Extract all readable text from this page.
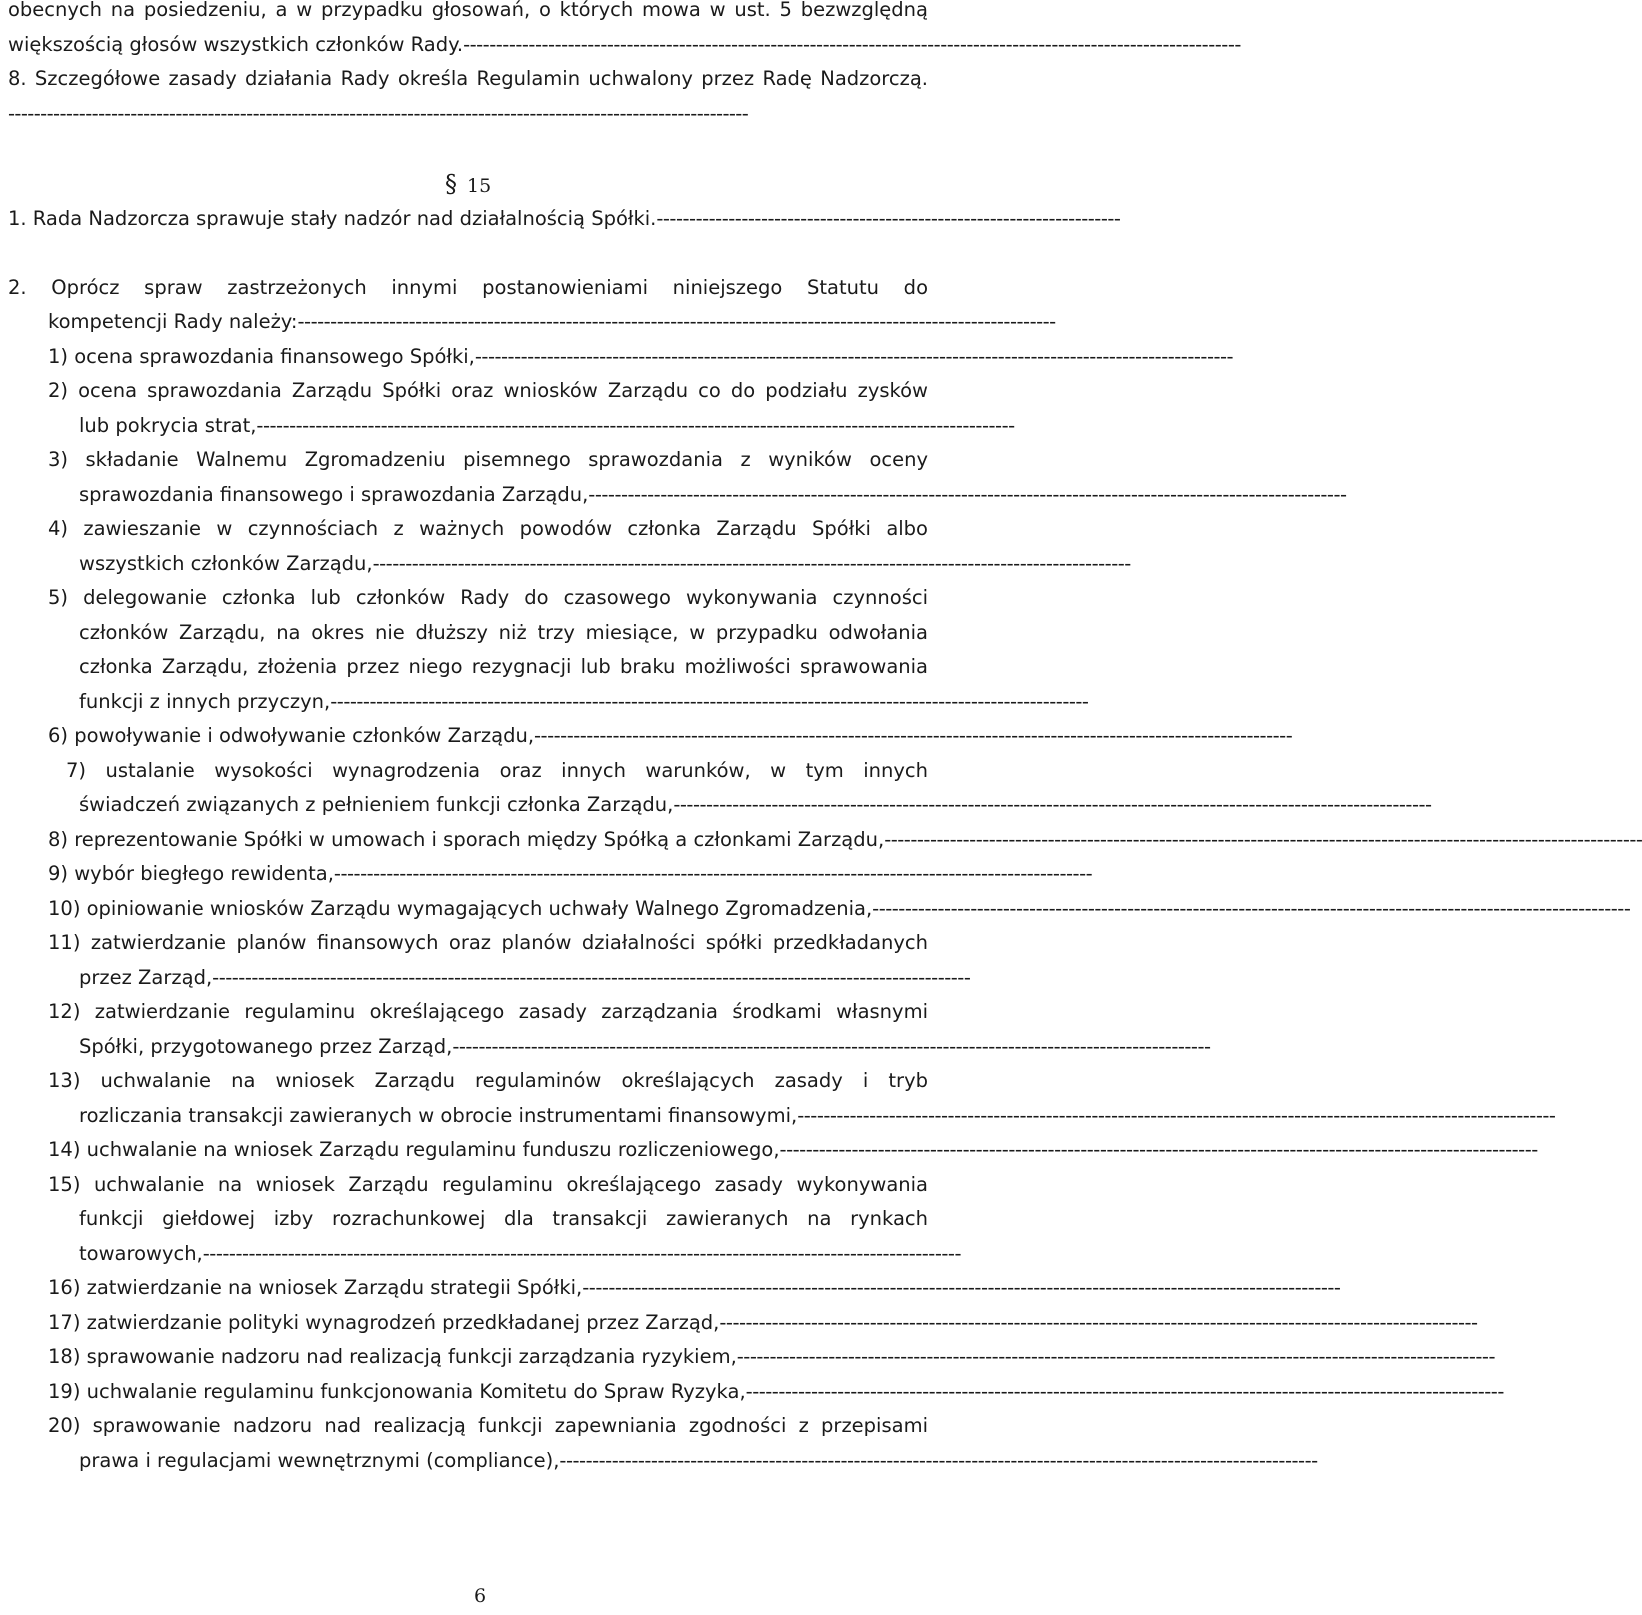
obecnych na posiedzeniu, a w przypadku głosowań, o których mowa w ust. 5 bezwzględną
większością głosów wszystkich członków Rady. -----------------------------------------------------------------------------------------------------------------------
8. Szczegółowe zasady działania Rady określa Regulamin uchwalony przez Radę Nadzorczą.
-------------------------------------------------------------------------------------------------------------------
§ 15
1. Rada Nadzorcza sprawuje stały nadzór nad działalnością Spółki. -----------------------------------------------------------------------
2. Oprócz spraw zastrzeżonych innymi postanowieniami niniejszego Statutu do
kompetencji Rady należy: --------------------------------------------------------------------------------------------------------------------
1) ocena sprawozdania finansowego Spółki, --------------------------------------------------------------------------------------------------------------------
2) ocena sprawozdania Zarządu Spółki oraz wniosków Zarządu co do podziału zysków
lub pokrycia strat, --------------------------------------------------------------------------------------------------------------------
3) składanie Walnemu Zgromadzeniu pisemnego sprawozdania z wyników oceny
sprawozdania finansowego i sprawozdania Zarządu, --------------------------------------------------------------------------------------------------------------------
4) zawieszanie w czynnościach z ważnych powodów członka Zarządu Spółki albo
wszystkich członków Zarządu, --------------------------------------------------------------------------------------------------------------------
5) delegowanie członka lub członków Rady do czasowego wykonywania czynności
członków Zarządu, na okres nie dłuższy niż trzy miesiące, w przypadku odwołania
członka Zarządu, złożenia przez niego rezygnacji lub braku możliwości sprawowania
funkcji z innych przyczyn, --------------------------------------------------------------------------------------------------------------------
6) powoływanie i odwoływanie członków Zarządu, --------------------------------------------------------------------------------------------------------------------
7) ustalanie wysokości wynagrodzenia oraz innych warunków, w tym innych
świadczeń związanych z pełnieniem funkcji członka Zarządu, --------------------------------------------------------------------------------------------------------------------
8) reprezentowanie Spółki w umowach i sporach między Spółką a członkami Zarządu, --------------------------------------------------------------------------------------------------------------------
9) wybór biegłego rewidenta, --------------------------------------------------------------------------------------------------------------------
10) opiniowanie wniosków Zarządu wymagających uchwały Walnego Zgromadzenia, --------------------------------------------------------------------------------------------------------------------
11) zatwierdzanie planów finansowych oraz planów działalności spółki przedkładanych
przez Zarząd, --------------------------------------------------------------------------------------------------------------------
12) zatwierdzanie regulaminu określającego zasady zarządzania środkami własnymi
Spółki, przygotowanego przez Zarząd, --------------------------------------------------------------------------------------------------------------------
13) uchwalanie na wniosek Zarządu regulaminów określających zasady i tryb
rozliczania transakcji zawieranych w obrocie instrumentami finansowymi, --------------------------------------------------------------------------------------------------------------------
14) uchwalanie na wniosek Zarządu regulaminu funduszu rozliczeniowego, --------------------------------------------------------------------------------------------------------------------
15) uchwalanie na wniosek Zarządu regulaminu określającego zasady wykonywania
funkcji giełdowej izby rozrachunkowej dla transakcji zawieranych na rynkach
towarowych, --------------------------------------------------------------------------------------------------------------------
16) zatwierdzanie na wniosek Zarządu strategii Spółki, --------------------------------------------------------------------------------------------------------------------
17) zatwierdzanie polityki wynagrodzeń przedkładanej przez Zarząd, --------------------------------------------------------------------------------------------------------------------
18) sprawowanie nadzoru nad realizacją funkcji zarządzania ryzykiem, --------------------------------------------------------------------------------------------------------------------
19) uchwalanie regulaminu funkcjonowania Komitetu do Spraw Ryzyka, --------------------------------------------------------------------------------------------------------------------
20) sprawowanie nadzoru nad realizacją funkcji zapewniania zgodności z przepisami
prawa i regulacjami wewnętrznymi (compliance), --------------------------------------------------------------------------------------------------------------------
6
